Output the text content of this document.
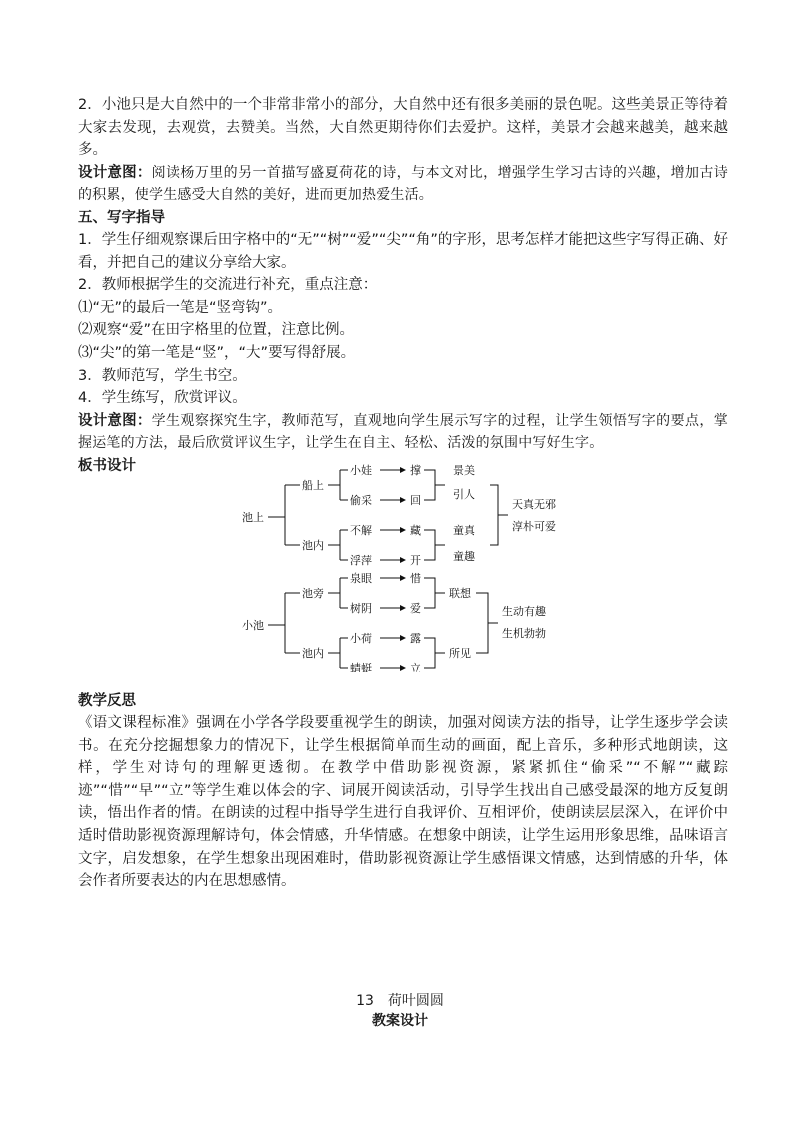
2．小池只是大自然中的一个非常非常小的部分，大自然中还有很多美丽的景色呢。这些美景正等待着大家去发现，去观赏，去赞美。当然，大自然更期待你们去爱护。这样，美景才会越来越美，越来越多。

设计意图：阅读杨万里的另一首描写盛夏荷花的诗，与本文对比，增强学生学习古诗的兴趣，增加古诗的积累，使学生感受大自然的美好，进而更加热爱生活。

五、写字指导

1．学生仔细观察课后田字格中的“无”“树”“爱”“尖”“角”的字形，思考怎样才能把这些字写得正确、好看，并把自己的建议分享给大家。

2．教师根据学生的交流进行补充，重点注意：

⑴“无”的最后一笔是“竖弯钩”。

⑵观察“爱”在田字格里的位置，注意比例。

⑶“尖”的第一笔是“竖”，“大”要写得舒展。

3．教师范写，学生书空。

4．学生练写，欣赏评议。

设计意图：学生观察探究生字，教师范写，直观地向学生展示写字的过程，让学生领悟写字的要点，掌握运笔的方法，最后欣赏评议生字，让学生在自主、轻松、活泼的氛围中写好生字。

板书设计

池上
船上
池内
小娃
偷采
不解
浮萍
撑
回
藏
开
景美
引人
童真
童趣
天真无邪
淳朴可爱
小池
池旁
池内
泉眼
树阴
小荷
蜻蜓
惜
爱
露
立
联想
所见
生动有趣
生机勃勃

教学反思

《语文课程标准》强调在小学各学段要重视学生的朗读，加强对阅读方法的指导，让学生逐步学会读书。在充分挖掘想象力的情况下，让学生根据简单而生动的画面，配上音乐，多种形式地朗读，这样，学生对诗句的理解更透彻。在教学中借助影视资源，紧紧抓住“偷采”“不解”“藏踪迹”“惜”“早”“立”等学生难以体会的字、词展开阅读活动，引导学生找出自己感受最深的地方反复朗读，悟出作者的情。在朗读的过程中指导学生进行自我评价、互相评价，使朗读层层深入，在评价中适时借助影视资源理解诗句，体会情感，升华情感。在想象中朗读，让学生运用形象思维，品味语言文字，启发想象，在学生想象出现困难时，借助影视资源让学生感悟课文情感，达到情感的升华，体会作者所要表达的内在思想感情。

13　荷叶圆圆
教案设计
